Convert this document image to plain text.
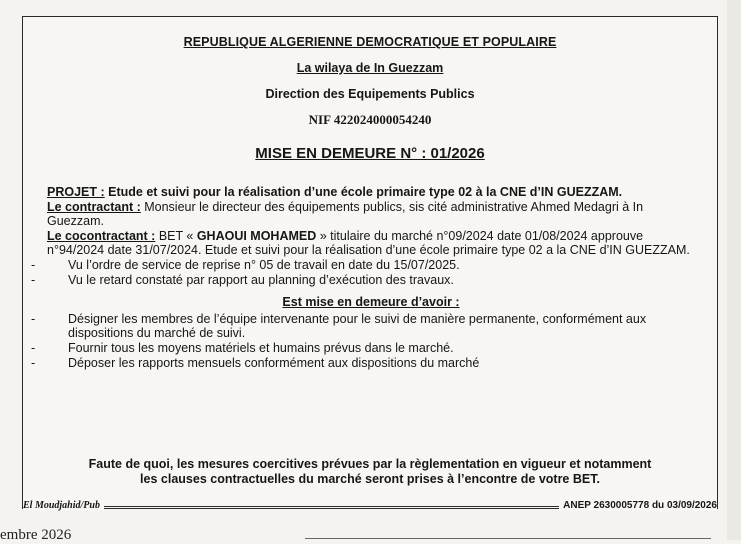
REPUBLIQUE ALGERIENNE DEMOCRATIQUE ET POPULAIRE
La wilaya de In Guezzam
Direction des Equipements Publics
NIF 422024000054240
MISE EN DEMEURE N° : 01/2026

PROJET : Etude et suivi pour la réalisation d’une école primaire type 02 à la CNE d’IN GUEZZAM.

Le contractant : Monsieur le directeur des équipements publics, sis cité administrative Ahmed Medagri à In Guezzam.

Le cocontractant : BET « GHAOUI MOHAMED » titulaire du marché n°09/2024 date 01/08/2024 approuve n°94/2024 date 31/07/2024. Etude et suivi pour la réalisation d’une école primaire type 02 a la CNE d’IN GUEZZAM.

-	Vu l’ordre de service de reprise n° 05 de travail en date du 15/07/2025.

-	Vu le retard constaté par rapport au planning d’exécution des travaux.

Est mise en demeure d’avoir :

-	Désigner les membres de l’équipe intervenante pour le suivi de manière permanente, conformément aux dispositions du marché de suivi.

-	Fournir tous les moyens matériels et humains prévus dans le marché.

-	Déposer les rapports mensuels conformément aux dispositions du marché

Faute de quoi, les mesures coercitives prévues par la règlementation en vigueur et notamment
les clauses contractuelles du marché seront prises à l’encontre de votre BET.
El Moudjahid/Pub	ANEP 2630005778 du 03/09/2026
embre 2026
